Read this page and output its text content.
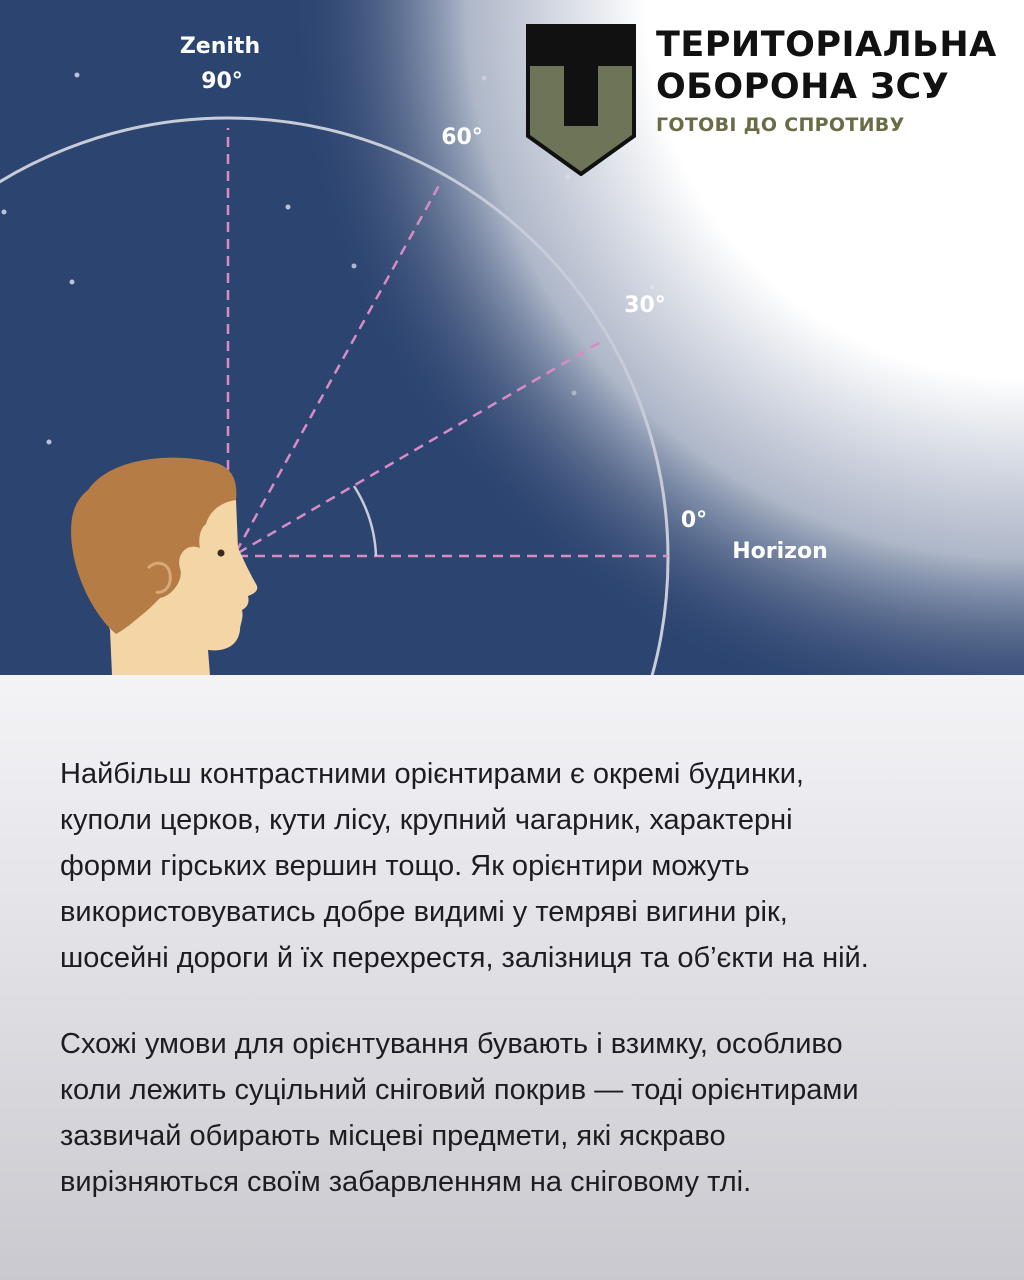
Zenith
90°
60°
30°
0°
Horizon

ТЕРИТОРІАЛЬНА
ОБОРОНА ЗСУ

ГОТОВІ ДО СПРОТИВУ

Найбільш контрастними орієнтирами є окремі будинки,
куполи церков, кути лісу, крупний чагарник, характерні
форми гірських вершин тощо. Як орієнтири можуть
використовуватись добре видимі у темряві вигини рік,
шосейні дороги й їх перехрестя, залізниця та об’єкти на ній.

Схожі умови для орієнтування бувають і взимку, особливо
коли лежить суцільний сніговий покрив — тоді орієнтирами
зазвичай обирають місцеві предмети, які яскраво
вирізняються своїм забарвленням на сніговому тлі.
